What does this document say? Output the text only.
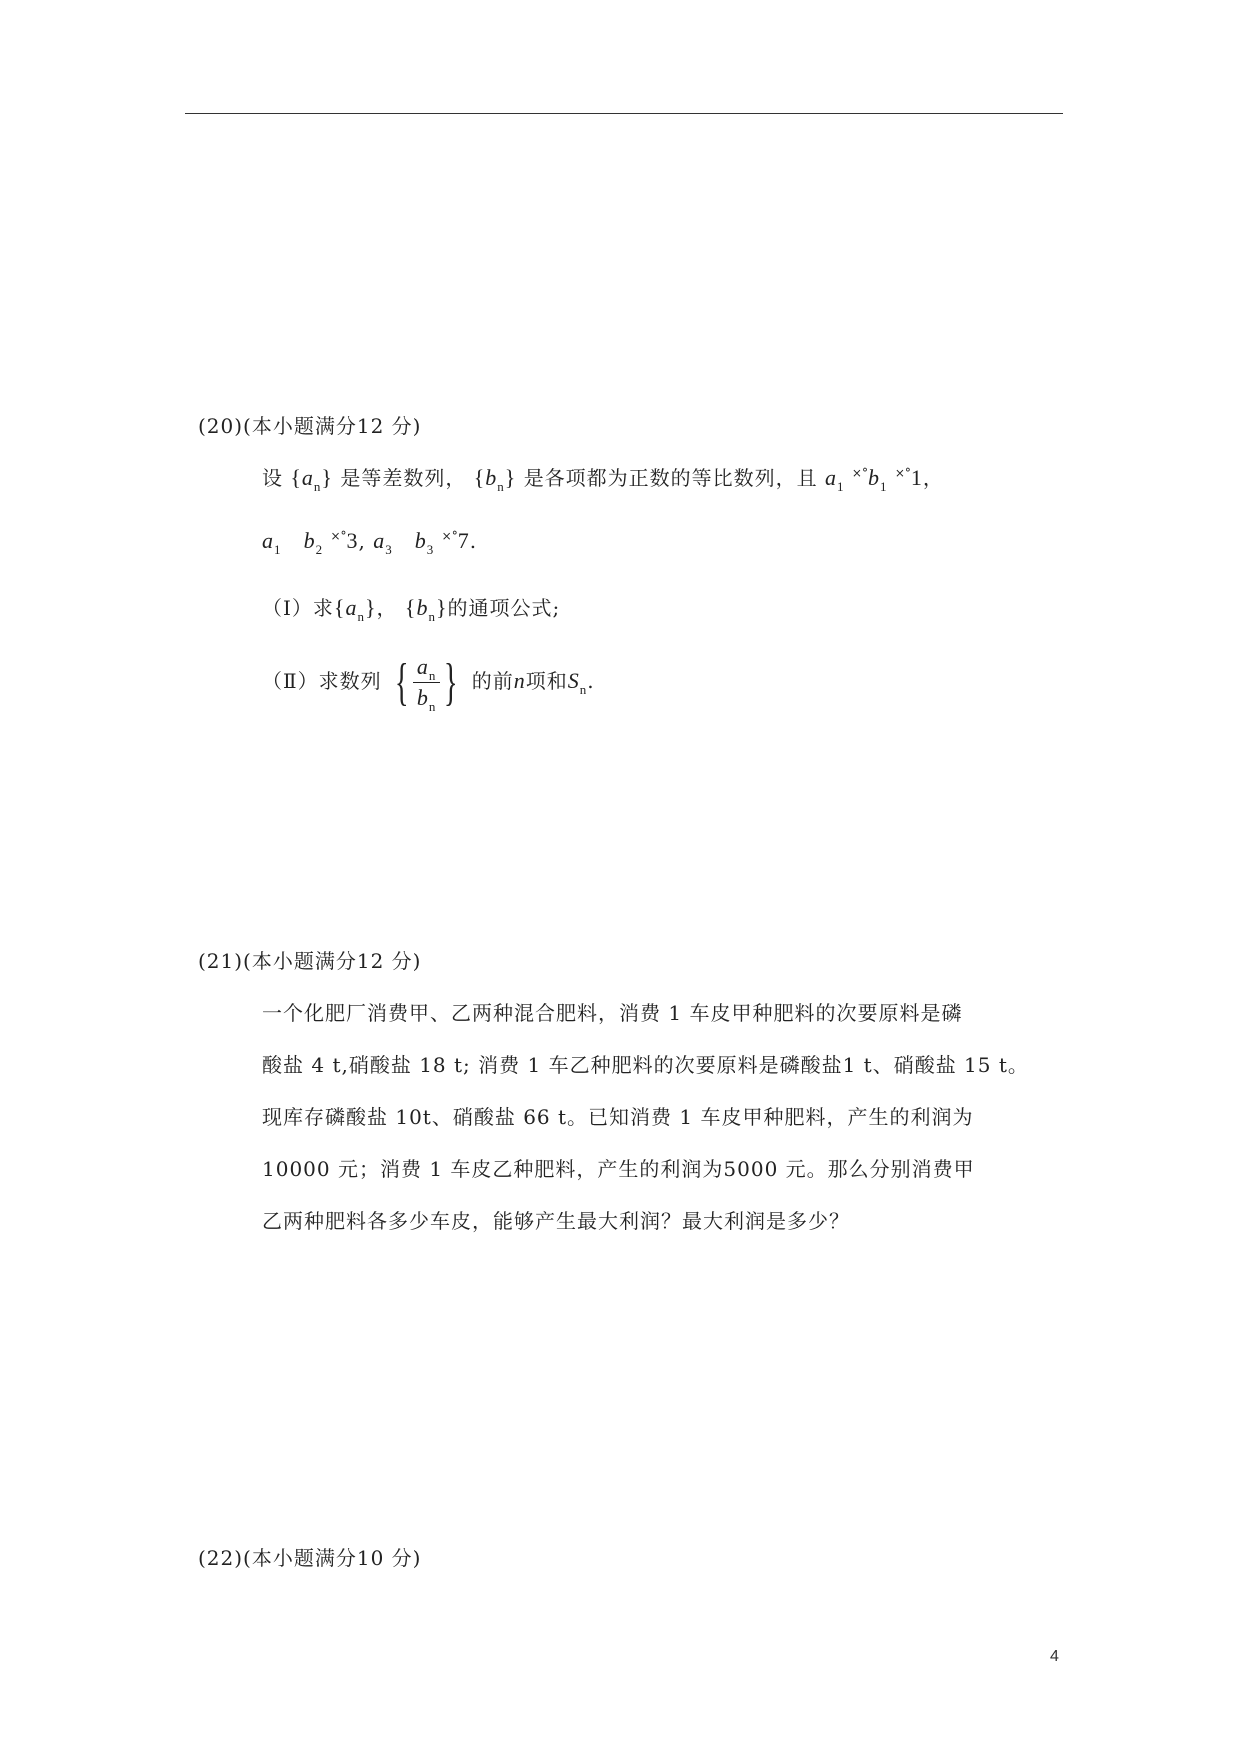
(20)(本小题满分12 分)
设 $\{a_n\}$ 是等差数列， $\{b_n\}$ 是各项都为正数的等比数列，且 $a_1$ $^{\times^\circ}b_1$ ×°1，
$a_1$ $b_2$ ×°3, $a_3$ $b_3$ ×°7.
（Ⅰ）求$\{a_n\}$， $\{b_n\}$的通项公式;
（Ⅱ）求数列 { $\frac{a_n}{b_n}$ } 的前n项和$S_n$.
(21)(本小题满分12 分)
一个化肥厂消费甲、乙两种混合肥料，消费 1 车皮甲种肥料的次要原料是磷
酸盐 4 t,硝酸盐 18 t; 消费 1 车乙种肥料的次要原料是磷酸盐1 t、硝酸盐 15 t。
现库存磷酸盐 10t、硝酸盐 66 t。已知消费 1 车皮甲种肥料，产生的利润为
10000 元；消费 1 车皮乙种肥料，产生的利润为5000 元。那么分别消费甲
乙两种肥料各多少车皮，能够产生最大利润？最大利润是多少？
(22)(本小题满分10 分)
4
